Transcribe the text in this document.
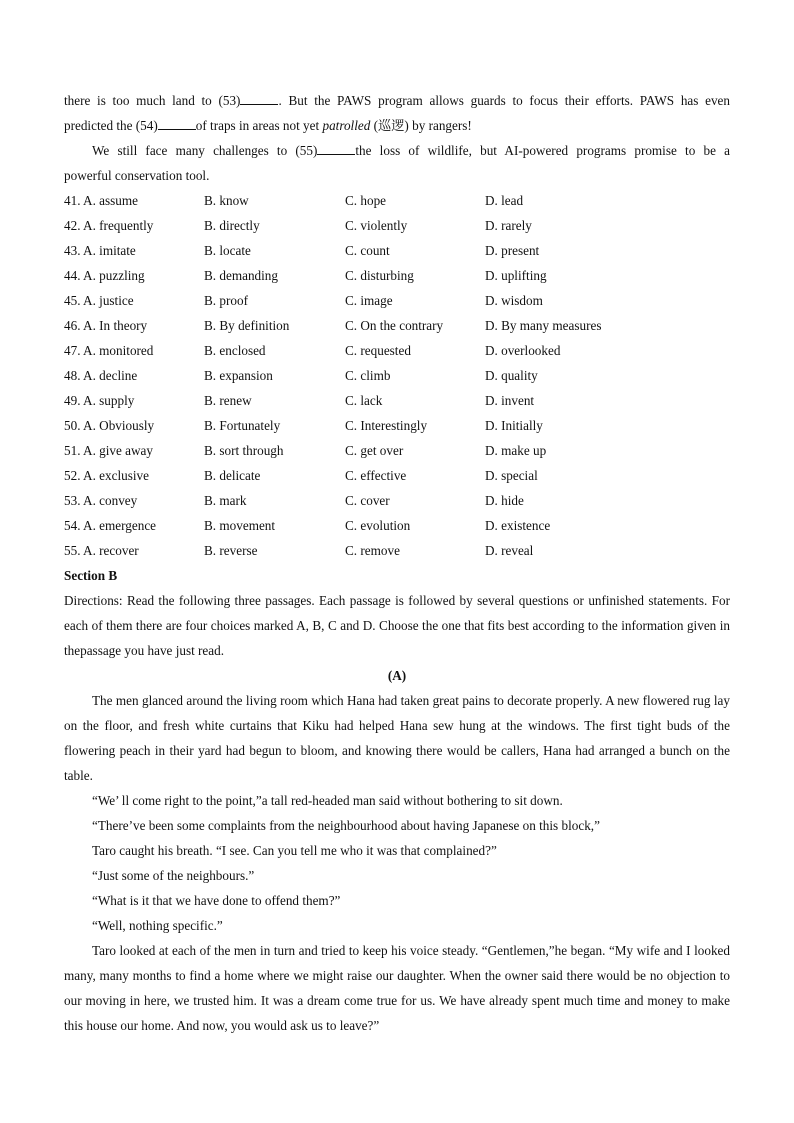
there is too much land to (53)	. But the PAWS program allows guards to focus their efforts. PAWS has even
predicted the (54)	of traps in areas not yet patrolled (巡逻) by rangers!
We still face many challenges to (55)	the loss of wildlife, but AI-powered programs promise to be a
powerful conservation tool.
41. A. assume	B. know	C. hope	D. lead
42. A. frequently	B. directly	C. violently	D. rarely
43. A. imitate	B. locate	C. count	D. present
44. A. puzzling	B. demanding	C. disturbing	D. uplifting
45. A. justice	B. proof	C. image	D. wisdom
46. A. In theory	B. By definition	C. On the contrary	D. By many measures
47. A. monitored	B. enclosed	C. requested	D. overlooked
48. A. decline	B. expansion	C. climb	D. quality
49. A. supply	B. renew	C. lack	D. invent
50. A. Obviously	B. Fortunately	C. Interestingly	D. Initially
51. A. give away	B. sort through	C. get over	D. make up
52. A. exclusive	B. delicate	C. effective	D. special
53. A. convey	B. mark	C. cover	D. hide
54. A. emergence	B. movement	C. evolution	D. existence
55. A. recover	B. reverse	C. remove	D. reveal
Section B
Directions: Read the following three passages. Each passage is followed by several questions or unfinished statements. For each of them there are four choices marked A, B, C and D. Choose the one that fits best according to the information given in thepassage you have just read.
(A)
The men glanced around the living room which Hana had taken great pains to decorate properly. A new flowered rug lay on the floor, and fresh white curtains that Kiku had helped Hana sew hung at the windows. The first tight buds of the flowering peach in their yard had begun to bloom, and knowing there would be callers, Hana had arranged a bunch on the table.
“We’ ll come right to the point,”a tall red-headed man said without bothering to sit down.
“There’ve been some complaints from the neighbourhood about having Japanese on this block,”
Taro caught his breath. “I see. Can you tell me who it was that complained?”
“Just some of the neighbours.”
“What is it that we have done to offend them?”
“Well, nothing specific.”
Taro looked at each of the men in turn and tried to keep his voice steady. “Gentlemen,”he began. “My wife and I looked many, many months to find a home where we might raise our daughter. When the owner said there would be no objection to our moving in here, we trusted him. It was a dream come true for us. We have already spent much time and money to make this house our home. And now, you would ask us to leave?”
